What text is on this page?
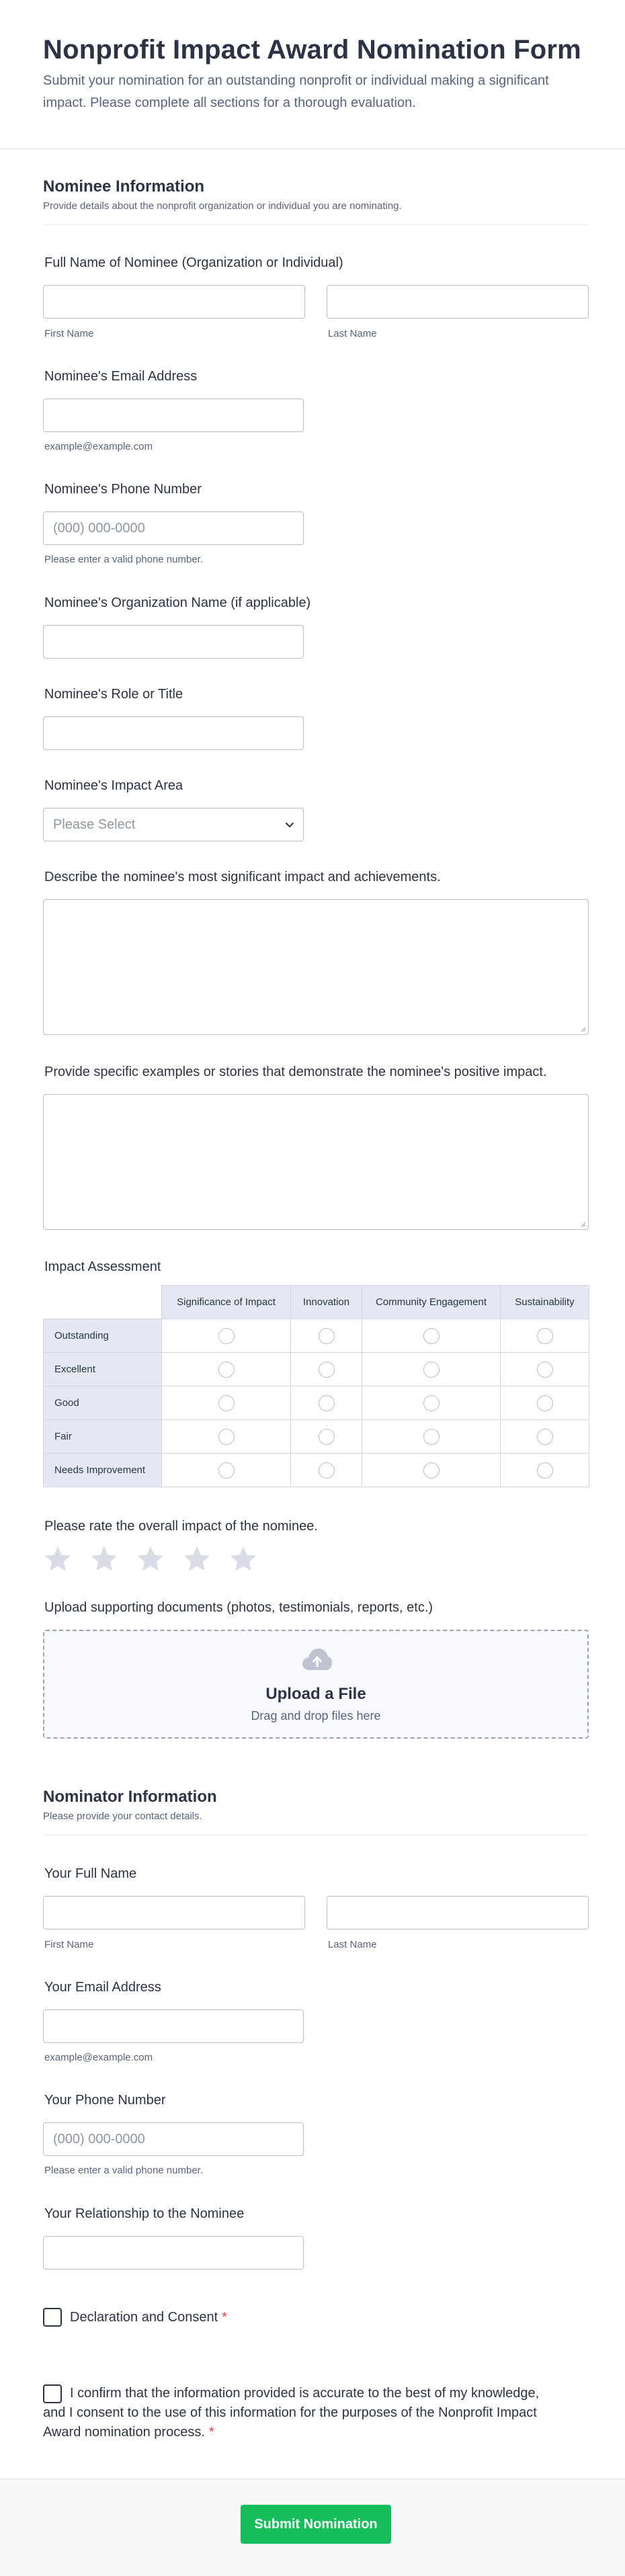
Nonprofit Impact Award Nomination Form
Submit your nomination for an outstanding nonprofit or individual making a significant impact. Please complete all sections for a thorough evaluation.
Nominee Information
Provide details about the nonprofit organization or individual you are nominating.
Full Name of Nominee (Organization or Individual)
First Name	Last Name
Nominee's Email Address
example@example.com
Nominee's Phone Number
(000) 000-0000
Please enter a valid phone number.
Nominee's Organization Name (if applicable)
Nominee's Role or Title
Nominee's Impact Area
Please Select
Describe the nominee's most significant impact and achievements.
Provide specific examples or stories that demonstrate the nominee's positive impact.
Impact Assessment
	Significance of Impact	Innovation	Community Engagement	Sustainability
Outstanding				
Excellent				
Good				
Fair				
Needs Improvement				
Please rate the overall impact of the nominee.
Upload supporting documents (photos, testimonials, reports, etc.)
Upload a File
Drag and drop files here
Nominator Information
Please provide your contact details.
Your Full Name
First Name	Last Name
Your Email Address
example@example.com
Your Phone Number
(000) 000-0000
Please enter a valid phone number.
Your Relationship to the Nominee
Declaration and Consent *
I confirm that the information provided is accurate to the best of my knowledge, and I consent to the use of this information for the purposes of the Nonprofit Impact Award nomination process. *
Submit Nomination
